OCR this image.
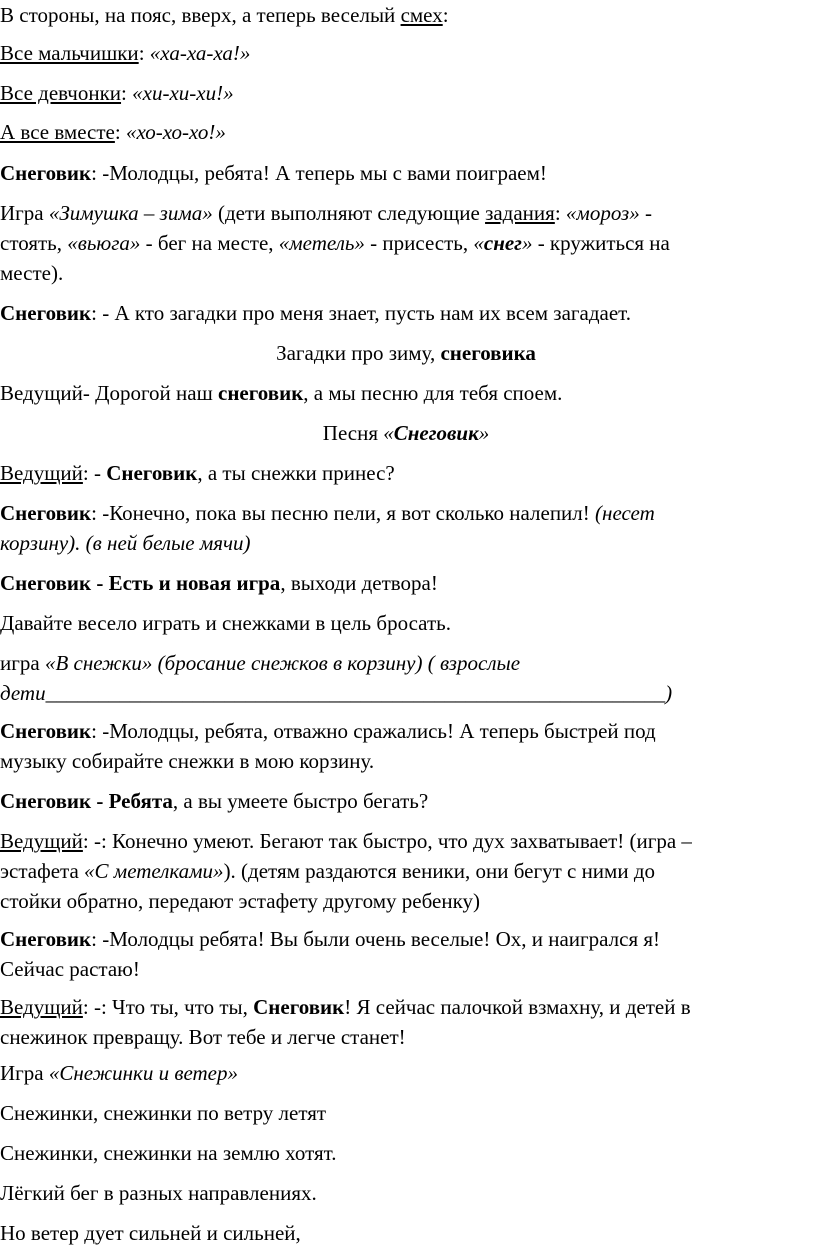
В стороны, на пояс, вверх, а теперь веселый смех:

Все мальчишки: «ха-ха-ха!»

Все девчонки: «хи-хи-хи!»

А все вместе: «хо-хо-хо!»

Снеговик: -Молодцы, ребята! А теперь мы с вами поиграем!

Игра «Зимушка – зима» (дети выполняют следующие задания: «мороз» -
стоять, «вьюга» - бег на месте, «метель» - присесть, «снег» - кружиться на
месте).

Снеговик: - А кто загадки про меня знает, пусть нам их всем загадает.

Загадки про зиму, снеговика

Ведущий- Дорогой наш снеговик, а мы песню для тебя споем.

Песня «Снеговик»

Ведущий: - Снеговик, а ты снежки принес?

Снеговик: -Конечно, пока вы песню пели, я вот сколько налепил! (несет
корзину). (в ней белые мячи)

Снеговик - Есть и новая игра, выходи детвора!

Давайте весело играть и снежками в цель бросать.

игра «В снежки» (бросание снежков в корзину) ( взрослые
дети___________________________________________________________)

Снеговик: -Молодцы, ребята, отважно сражались! А теперь быстрей под
музыку собирайте снежки в мою корзину.

Снеговик - Ребята, а вы умеете быстро бегать?

Ведущий: -: Конечно умеют. Бегают так быстро, что дух захватывает! (игра –
эстафета «С метелками»). (детям раздаются веники, они бегут с ними до
стойки обратно, передают эстафету другому ребенку)

Снеговик: -Молодцы ребята! Вы были очень веселые! Ох, и наигрался я!
Сейчас растаю!

Ведущий: -: Что ты, что ты, Снеговик! Я сейчас палочкой взмахну, и детей в
снежинок превращу. Вот тебе и легче станет!

Игра «Снежинки и ветер»

Снежинки, снежинки по ветру летят

Снежинки, снежинки на землю хотят.

Лёгкий бег в разных направлениях.

Но ветер дует сильней и сильней,
